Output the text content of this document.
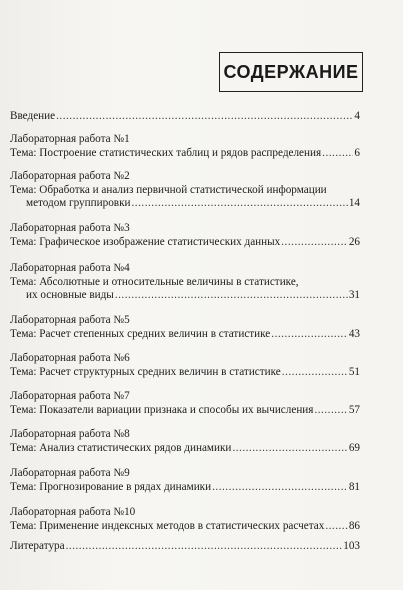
СОДЕРЖАНИЕ
Введение .....	4
Лабораторная работа №1
Тема: Построение статистических таблиц и рядов распределения .....	6
Лабораторная работа №2
Тема: Обработка и анализ первичной статистической информации
методом группировки .....	14
Лабораторная работа №3
Тема: Графическое изображение статистических данных .....	26
Лабораторная работа №4
Тема: Абсолютные и относительные величины в статистике,
их основные виды .....	31
Лабораторная работа №5
Тема: Расчет степенных средних величин в статистике .....	43
Лабораторная работа №6
Тема: Расчет структурных средних величин в статистике .....	51
Лабораторная работа №7
Тема: Показатели вариации признака и способы их вычисления .....	57
Лабораторная работа №8
Тема: Анализ статистических рядов динамики .....	69
Лабораторная работа №9
Тема: Прогнозирование в рядах динамики .....	81
Лабораторная работа №10
Тема: Применение индексных методов в статистических расчетах ..... 86
Литература .....	103
